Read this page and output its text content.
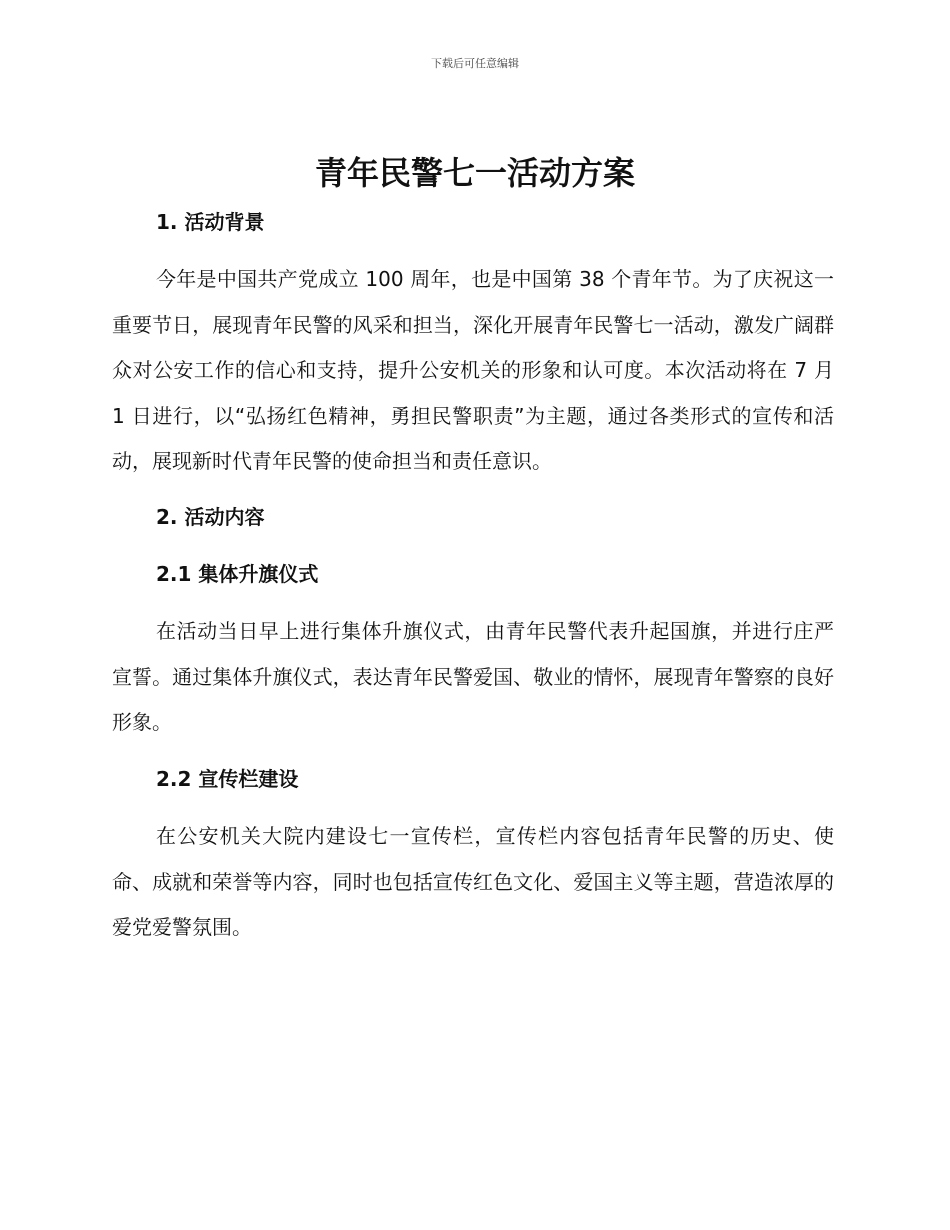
下载后可任意编辑
青年民警七一活动方案
1. 活动背景

今年是中国共产党成立 100 周年，也是中国第 38 个青年节。为了庆祝这一重要节日，展现青年民警的风采和担当，深化开展青年民警七一活动，激发广阔群众对公安工作的信心和支持，提升公安机关的形象和认可度。本次活动将在 7 月 1 日进行，以“弘扬红色精神，勇担民警职责”为主题，通过各类形式的宣传和活动，展现新时代青年民警的使命担当和责任意识。

2. 活动内容
2.1 集体升旗仪式

在活动当日早上进行集体升旗仪式，由青年民警代表升起国旗，并进行庄严宣誓。通过集体升旗仪式，表达青年民警爱国、敬业的情怀，展现青年警察的良好形象。

2.2 宣传栏建设

在公安机关大院内建设七一宣传栏，宣传栏内容包括青年民警的历史、使命、成就和荣誉等内容，同时也包括宣传红色文化、爱国主义等主题，营造浓厚的爱党爱警氛围。
